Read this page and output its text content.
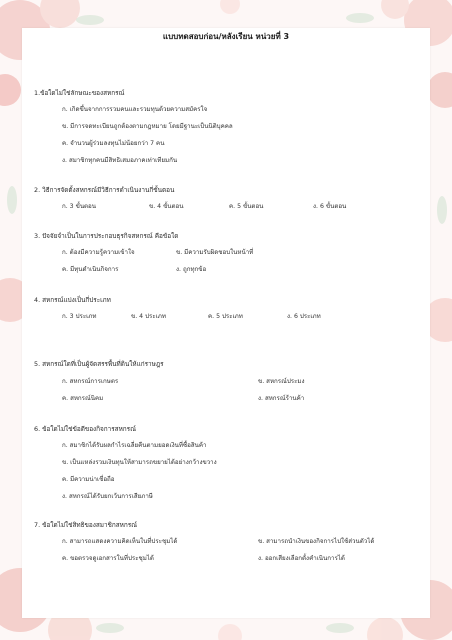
แบบทดสอบก่อน/หลังเรียน หน่วยที่ 3
1.ข้อใดไม่ใช่ลักษณะของสหกรณ์
ก. เกิดขึ้นจากการรวมคนและรวมทุนด้วยความสมัครใจ
ข. มีการจดทะเบียนถูกต้องตามกฎหมาย โดยมีฐานะเป็นนิติบุคคล
ค. จำนวนผู้ร่วมลงทุนไม่น้อยกว่า 7 คน
ง. สมาชิกทุกคนมีสิทธิเสมอภาคเท่าเทียมกัน
2. วิธีการจัดตั้งสหกรณ์มีวิธีการดำเนินงานกี่ขั้นตอน
ก. 3 ขั้นตอน	ข. 4 ขั้นตอน	ค. 5 ขั้นตอน	ง. 6 ขั้นตอน
3. ปัจจัยจำเป็นในการประกอบธุรกิจสหกรณ์ คือข้อใด
ก. ต้องมีความรู้ความเข้าใจ	ข. มีความรับผิดชอบในหน้าที่
ค. มีทุนดำเนินกิจการ	ง. ถูกทุกข้อ
4. สหกรณ์แบ่งเป็นกี่ประเภท
ก. 3 ประเภท	ข. 4 ประเภท	ค. 5 ประเภท	ง. 6 ประเภท
5. สหกรณ์ใดที่เป็นผู้จัดสรรพื้นที่ดินให้แก่ราษฎร
ก. สหกรณ์การเกษตร	ข. สหกรณ์ประมง
ค. สหกรณ์นิคม	ง. สหกรณ์ร้านค้า
6. ข้อใดไม่ใช่ข้อดีของกิจการสหกรณ์
ก. สมาชิกได้รับผลกำไรเฉลี่ยคืนตามยอดเงินที่ซื้อสินค้า
ข. เป็นแหล่งรวมเงินทุนให้สามารถขยายได้อย่างกว้างขวาง
ค. มีความน่าเชื่อถือ
ง. สหกรณ์ได้รับยกเว้นการเสียภาษี
7. ข้อใดไม่ใช่สิทธิของสมาชิกสหกรณ์
ก. สามารถแสดงความคิดเห็นในที่ประชุมได้	ข. สามารถนำเงินของกิจการไปใช้ส่วนตัวได้
ค. ขอตรวจดูเอกสารในที่ประชุมได้	ง. ออกเสียงเลือกตั้งคำเนินการได้
